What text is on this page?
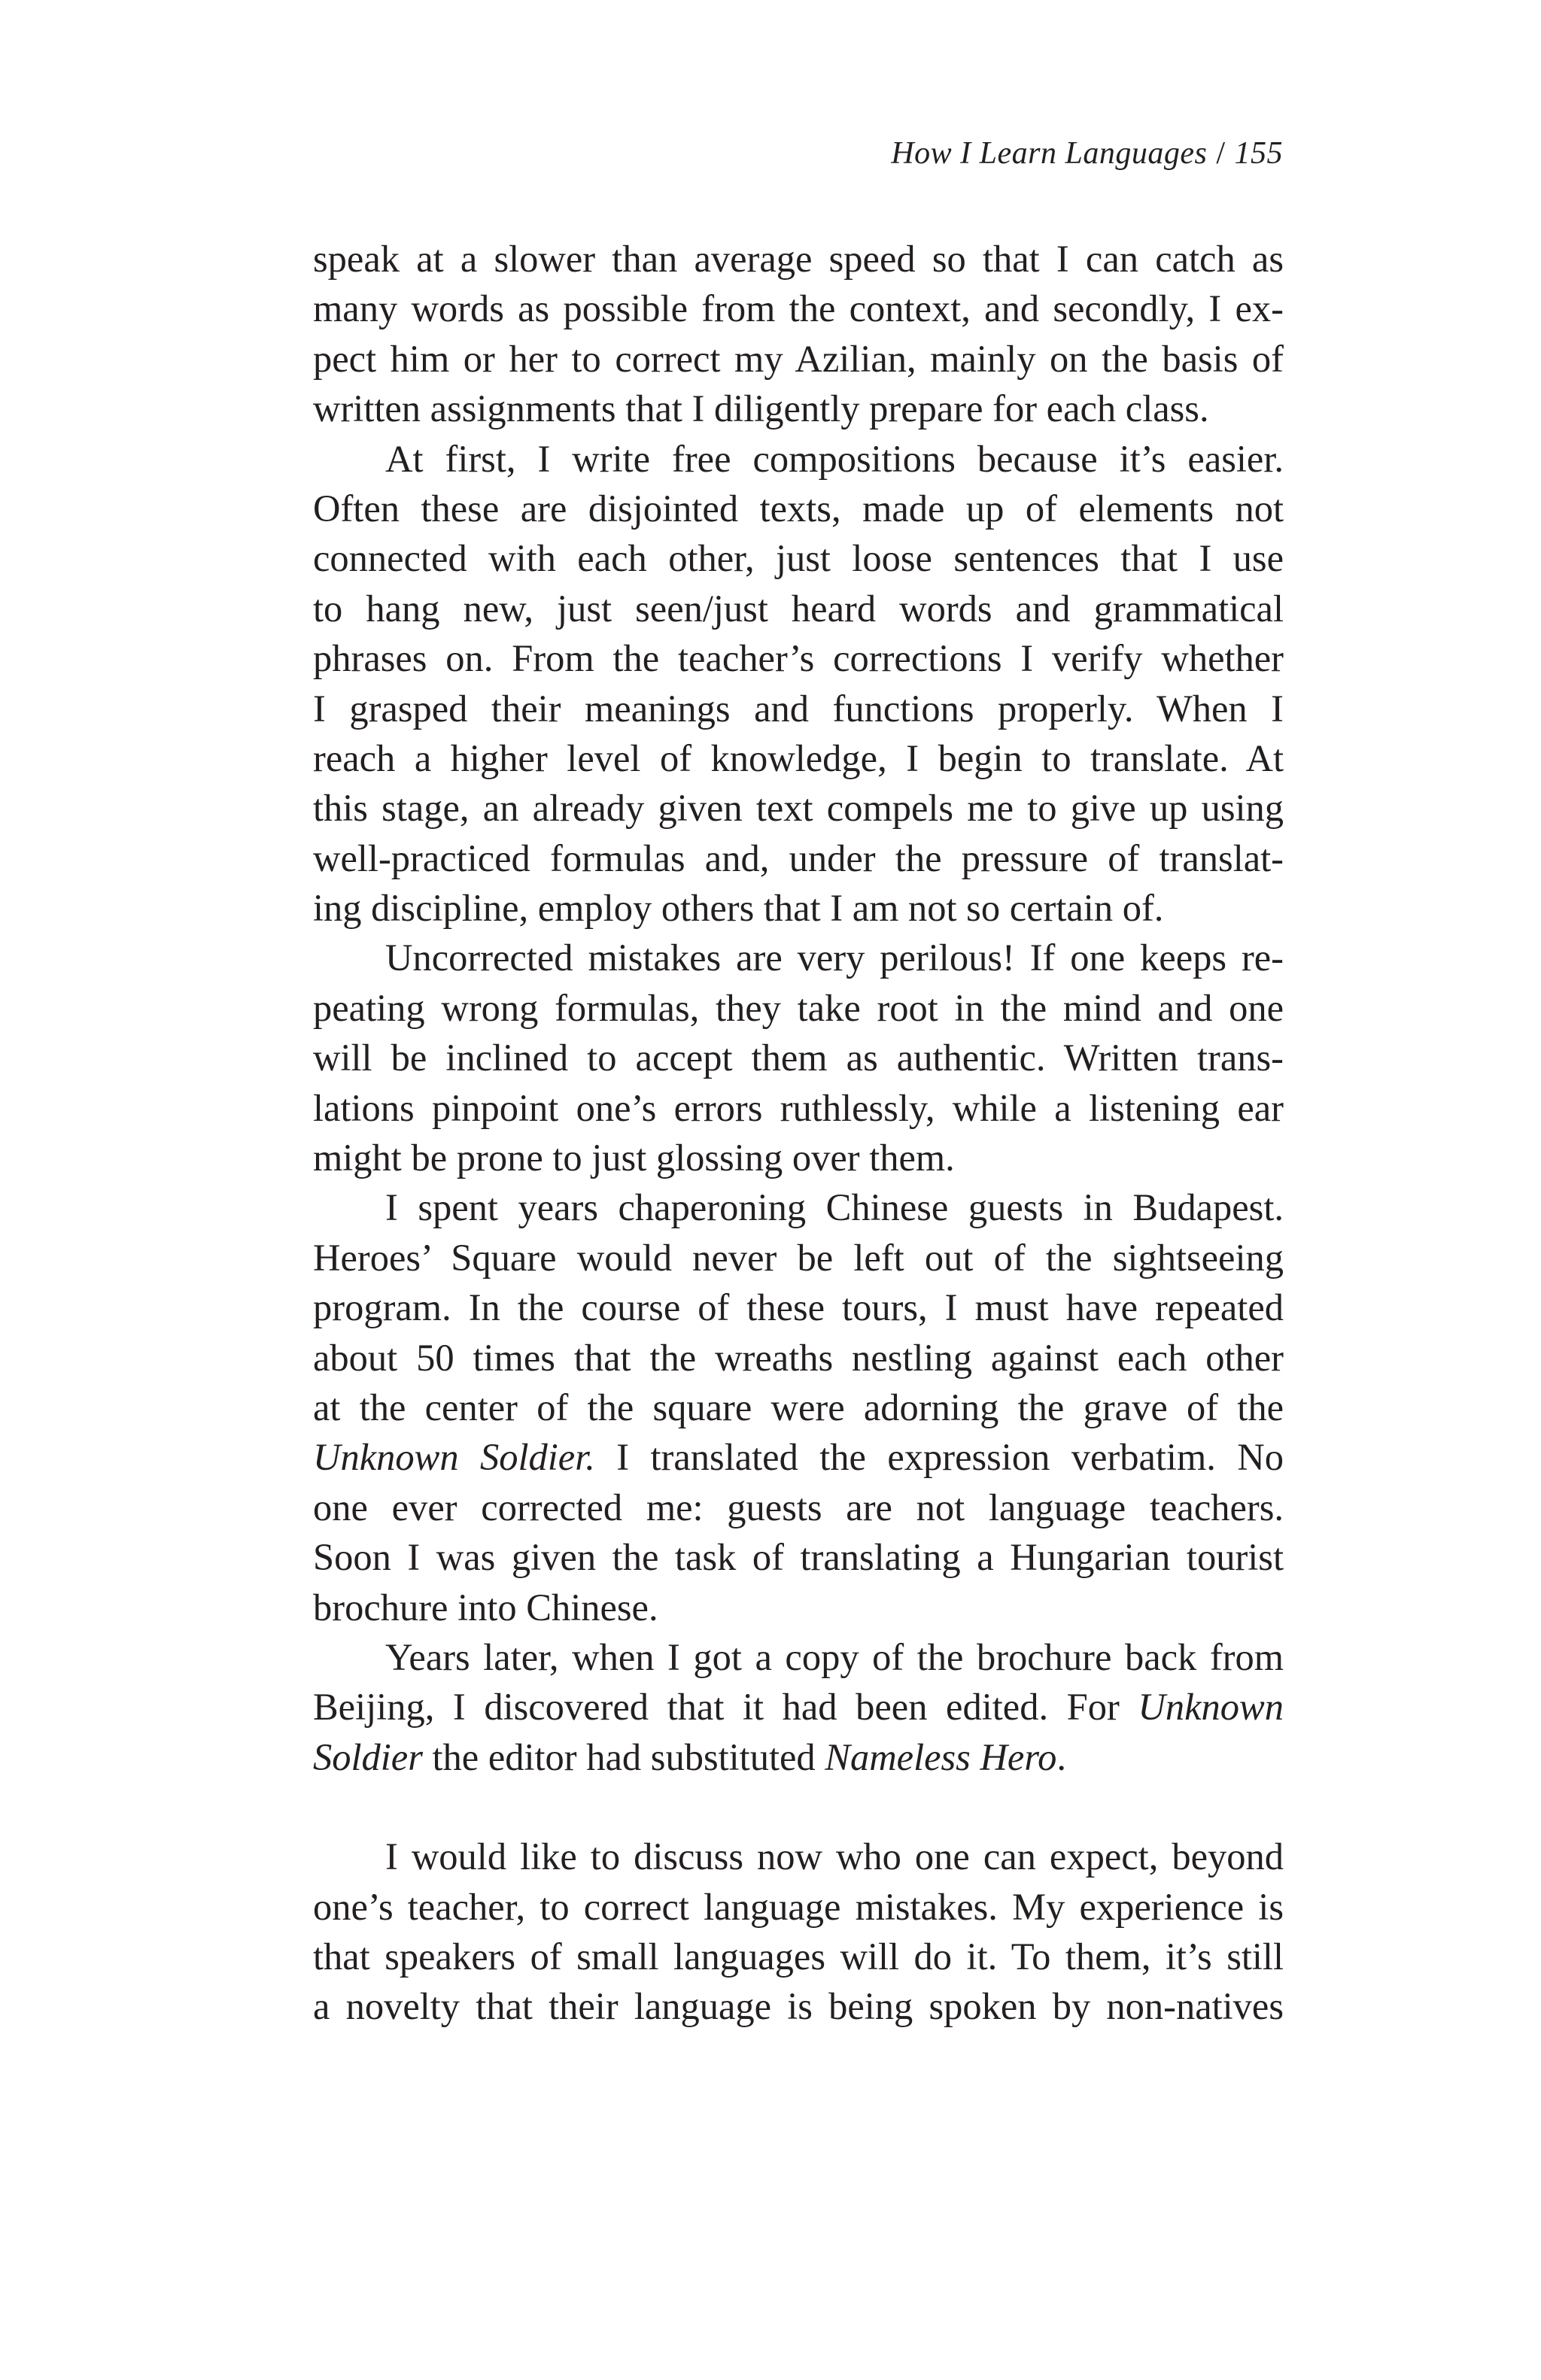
How I Learn Languages / 155
speak at a slower than average speed so that I can catch as
many words as possible from the context, and secondly, I ex-
pect him or her to correct my Azilian, mainly on the basis of
written assignments that I diligently prepare for each class.
At first, I write free compositions because it’s easier.
Often these are disjointed texts, made up of elements not
connected with each other, just loose sentences that I use
to hang new, just seen/just heard words and grammatical
phrases on. From the teacher’s corrections I verify whether
I grasped their meanings and functions properly. When I
reach a higher level of knowledge, I begin to translate. At
this stage, an already given text compels me to give up using
well-practiced formulas and, under the pressure of translat-
ing discipline, employ others that I am not so certain of.
Uncorrected mistakes are very perilous! If one keeps re-
peating wrong formulas, they take root in the mind and one
will be inclined to accept them as authentic. Written trans-
lations pinpoint one’s errors ruthlessly, while a listening ear
might be prone to just glossing over them.
I spent years chaperoning Chinese guests in Budapest.
Heroes’ Square would never be left out of the sightseeing
program. In the course of these tours, I must have repeated
about 50 times that the wreaths nestling against each other
at the center of the square were adorning the grave of the
Unknown Soldier. I translated the expression verbatim. No
one ever corrected me: guests are not language teachers.
Soon I was given the task of translating a Hungarian tourist
brochure into Chinese.
Years later, when I got a copy of the brochure back from
Beijing, I discovered that it had been edited. For Unknown
Soldier the editor had substituted Nameless Hero.
I would like to discuss now who one can expect, beyond
one’s teacher, to correct language mistakes. My experience is
that speakers of small languages will do it. To them, it’s still
a novelty that their language is being spoken by non-natives
